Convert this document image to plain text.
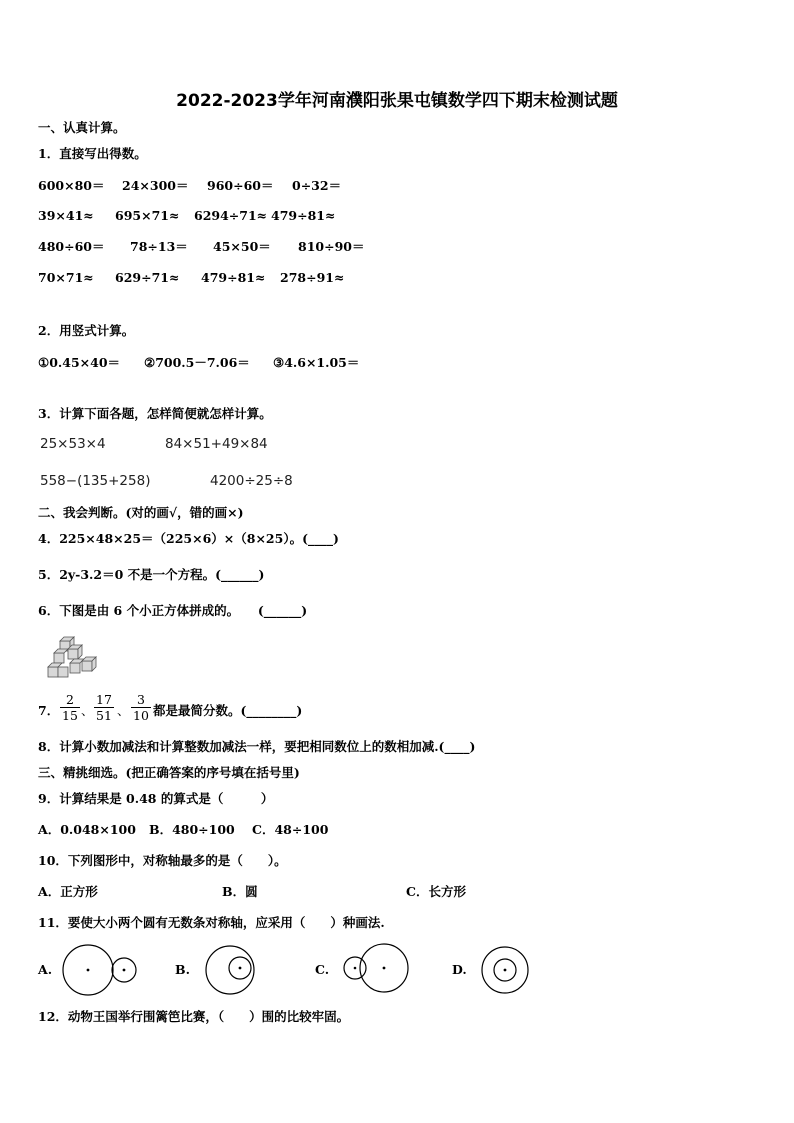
2022-2023学年河南濮阳张果屯镇数学四下期末检测试题
一、认真计算。
1．直接写出得数。
600×80＝ 24×300＝ 960÷60＝ 0÷32＝
39×41≈ 695×71≈ 6294÷71≈ 479÷81≈
480÷60＝ 78÷13＝ 45×50＝ 810÷90＝
70×71≈ 629÷71≈ 479÷81≈ 278÷91≈
2．用竖式计算。
①0.45×40＝ ②700.5－7.06＝ ③4.6×1.05＝
3．计算下面各题，怎样简便就怎样计算。
25×53×4	84×51+49×84
558−(135+258)	4200÷25÷8
二、我会判断。(对的画√，错的画×)
4．225×48×25＝（225×6）×（8×25）。(____)
5．2y-3.2＝0 不是一个方程。(______)
6．下图是由 6 个小正方体拼成的。　　(______)
7． $\frac{2}{15}$ 、 $\frac{17}{51}$ 、 $\frac{3}{10}$ 都是最简分数。(________)
8．计算小数加减法和计算整数加减法一样，要把相同数位上的数相加减.(____)
三、精挑细选。(把正确答案的序号填在括号里)
9．计算结果是 0.48 的算式是（　　　）
A．0.048×100 B．480÷100 C．48÷100
10．下列图形中，对称轴最多的是（　　）。
A．正方形	B．圆	C．长方形
11．要使大小两个圆有无数条对称轴，应采用（　　）种画法.
A.	B.	C.	D.
12．动物王国举行围篱笆比赛，（　　）围的比较牢固。
